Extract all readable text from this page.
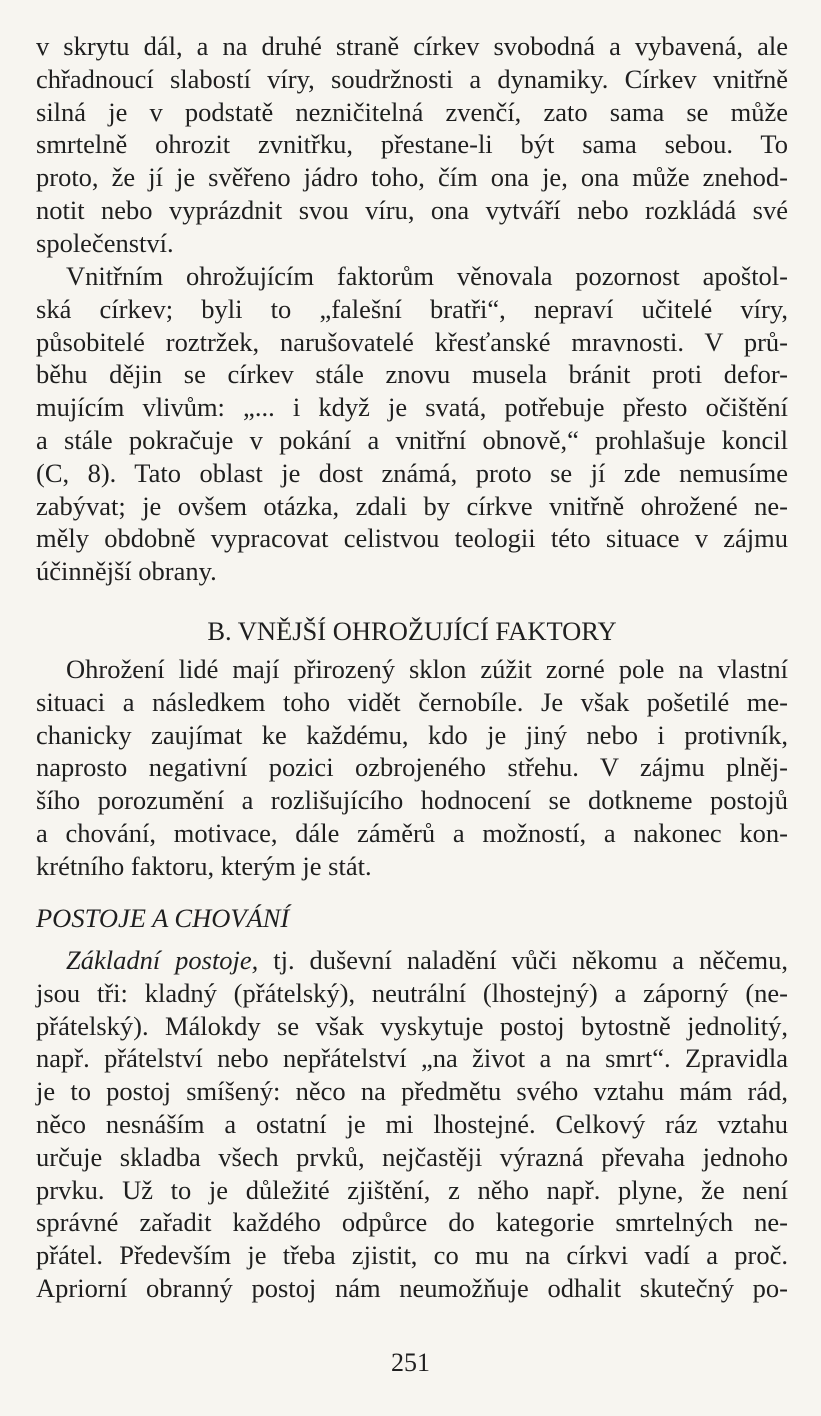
v skrytu dál, a na druhé straně církev svobodná a vybavená, ale
chřadnoucí slabostí víry, soudržnosti a dynamiky. Církev vnitřně
silná je v podstatě nezničitelná zvenčí, zato sama se může
smrtelně ohrozit zvnitřku, přestane-li být sama sebou. To
proto, že jí je svěřeno jádro toho, čím ona je, ona může znehod-
notit nebo vyprázdnit svou víru, ona vytváří nebo rozkládá své
společenství.
Vnitřním ohrožujícím faktorům věnovala pozornost apoštol-
ská církev; byli to „falešní bratři“, nepraví učitelé víry,
působitelé roztržek, narušovatelé křesťanské mravnosti. V prů-
běhu dějin se církev stále znovu musela bránit proti defor-
mujícím vlivům: „... i když je svatá, potřebuje přesto očištění
a stále pokračuje v pokání a vnitřní obnově,“ prohlašuje koncil
(C, 8). Tato oblast je dost známá, proto se jí zde nemusíme
zabývat; je ovšem otázka, zdali by církve vnitřně ohrožené ne-
měly obdobně vypracovat celistvou teologii této situace v zájmu
účinnější obrany.
B. VNĚJŠÍ OHROŽUJÍCÍ FAKTORY
Ohrožení lidé mají přirozený sklon zúžit zorné pole na vlastní
situaci a následkem toho vidět černobíle. Je však pošetilé me-
chanicky zaujímat ke každému, kdo je jiný nebo i protivník,
naprosto negativní pozici ozbrojeného střehu. V zájmu plněj-
šího porozumění a rozlišujícího hodnocení se dotkneme postojů
a chování, motivace, dále záměrů a možností, a nakonec kon-
krétního faktoru, kterým je stát.
POSTOJE A CHOVÁNÍ
Základní postoje, tj. duševní naladění vůči někomu a něčemu,
jsou tři: kladný (přátelský), neutrální (lhostejný) a záporný (ne-
přátelský). Málokdy se však vyskytuje postoj bytostně jednolitý,
např. přátelství nebo nepřátelství „na život a na smrt“. Zpravidla
je to postoj smíšený: něco na předmětu svého vztahu mám rád,
něco nesnáším a ostatní je mi lhostejné. Celkový ráz vztahu
určuje skladba všech prvků, nejčastěji výrazná převaha jednoho
prvku. Už to je důležité zjištění, z něho např. plyne, že není
správné zařadit každého odpůrce do kategorie smrtelných ne-
přátel. Především je třeba zjistit, co mu na církvi vadí a proč.
Apriorní obranný postoj nám neumožňuje odhalit skutečný po-
251
